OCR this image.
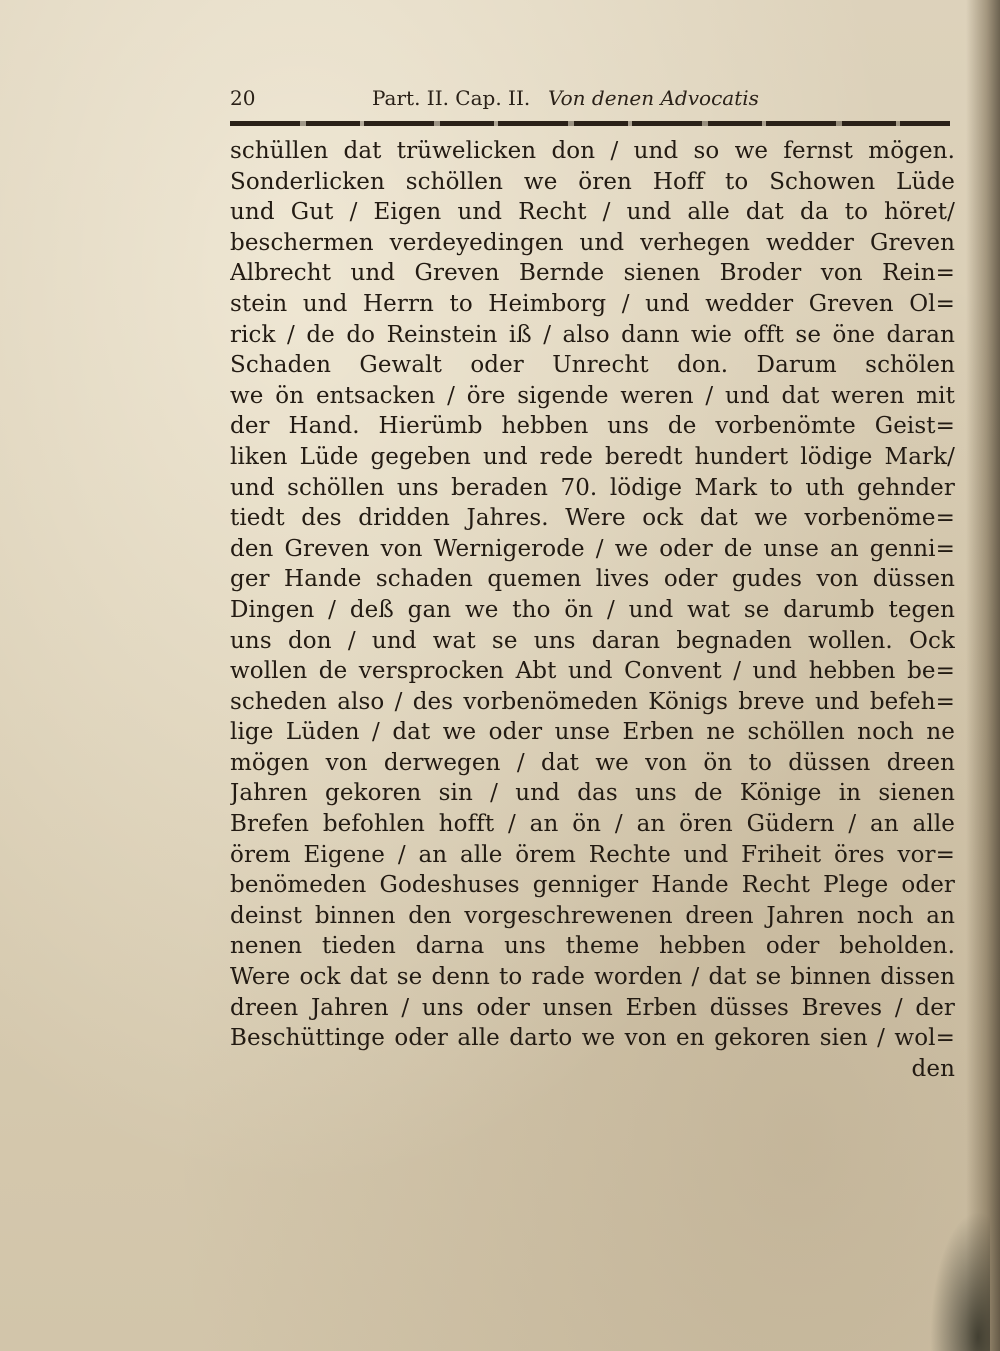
20	Part. II. Cap. II. Von denen Advocatis
schüllen dat trüwelicken don / und so we fernst mögen.
Sonderlicken schöllen we ören Hoff to Schowen Lüde
und Gut / Eigen und Recht / und alle dat da to höret/
beschermen verdeyedingen und verhegen wedder Greven
Albrecht und Greven Bernde sienen Broder von Rein=
stein und Herrn to Heimborg / und wedder Greven Ol=
rick / de do Reinstein iß / also dann wie offt se öne daran
Schaden Gewalt oder Unrecht don. Darum schölen
we ön entsacken / öre sigende weren / und dat weren mit
der Hand. Hierümb hebben uns de vorbenömte Geist=
liken Lüde gegeben und rede beredt hundert lödige Mark/
und schöllen uns beraden 70. lödige Mark to uth gehnder
tiedt des dridden Jahres. Were ock dat we vorbenöme=
den Greven von Wernigerode / we oder de unse an genni=
ger Hande schaden quemen lives oder gudes von düssen
Dingen / deß gan we tho ön / und wat se darumb tegen
uns don / und wat se uns daran begnaden wollen. Ock
wollen de versprocken Abt und Convent / und hebben be=
scheden also / des vorbenömeden Königs breve und befeh=
lige Lüden / dat we oder unse Erben ne schöllen noch ne
mögen von derwegen / dat we von ön to düssen dreen
Jahren gekoren sin / und das uns de Könige in sienen
Brefen befohlen hofft / an ön / an ören Güdern / an alle
örem Eigene / an alle örem Rechte und Friheit öres vor=
benömeden Godeshuses genniger Hande Recht Plege oder
deinst binnen den vorgeschrewenen dreen Jahren noch an
nenen tieden darna uns theme hebben oder beholden.
Were ock dat se denn to rade worden / dat se binnen dissen
dreen Jahren / uns oder unsen Erben düsses Breves / der
Beschüttinge oder alle darto we von en gekoren sien / wol=
den
